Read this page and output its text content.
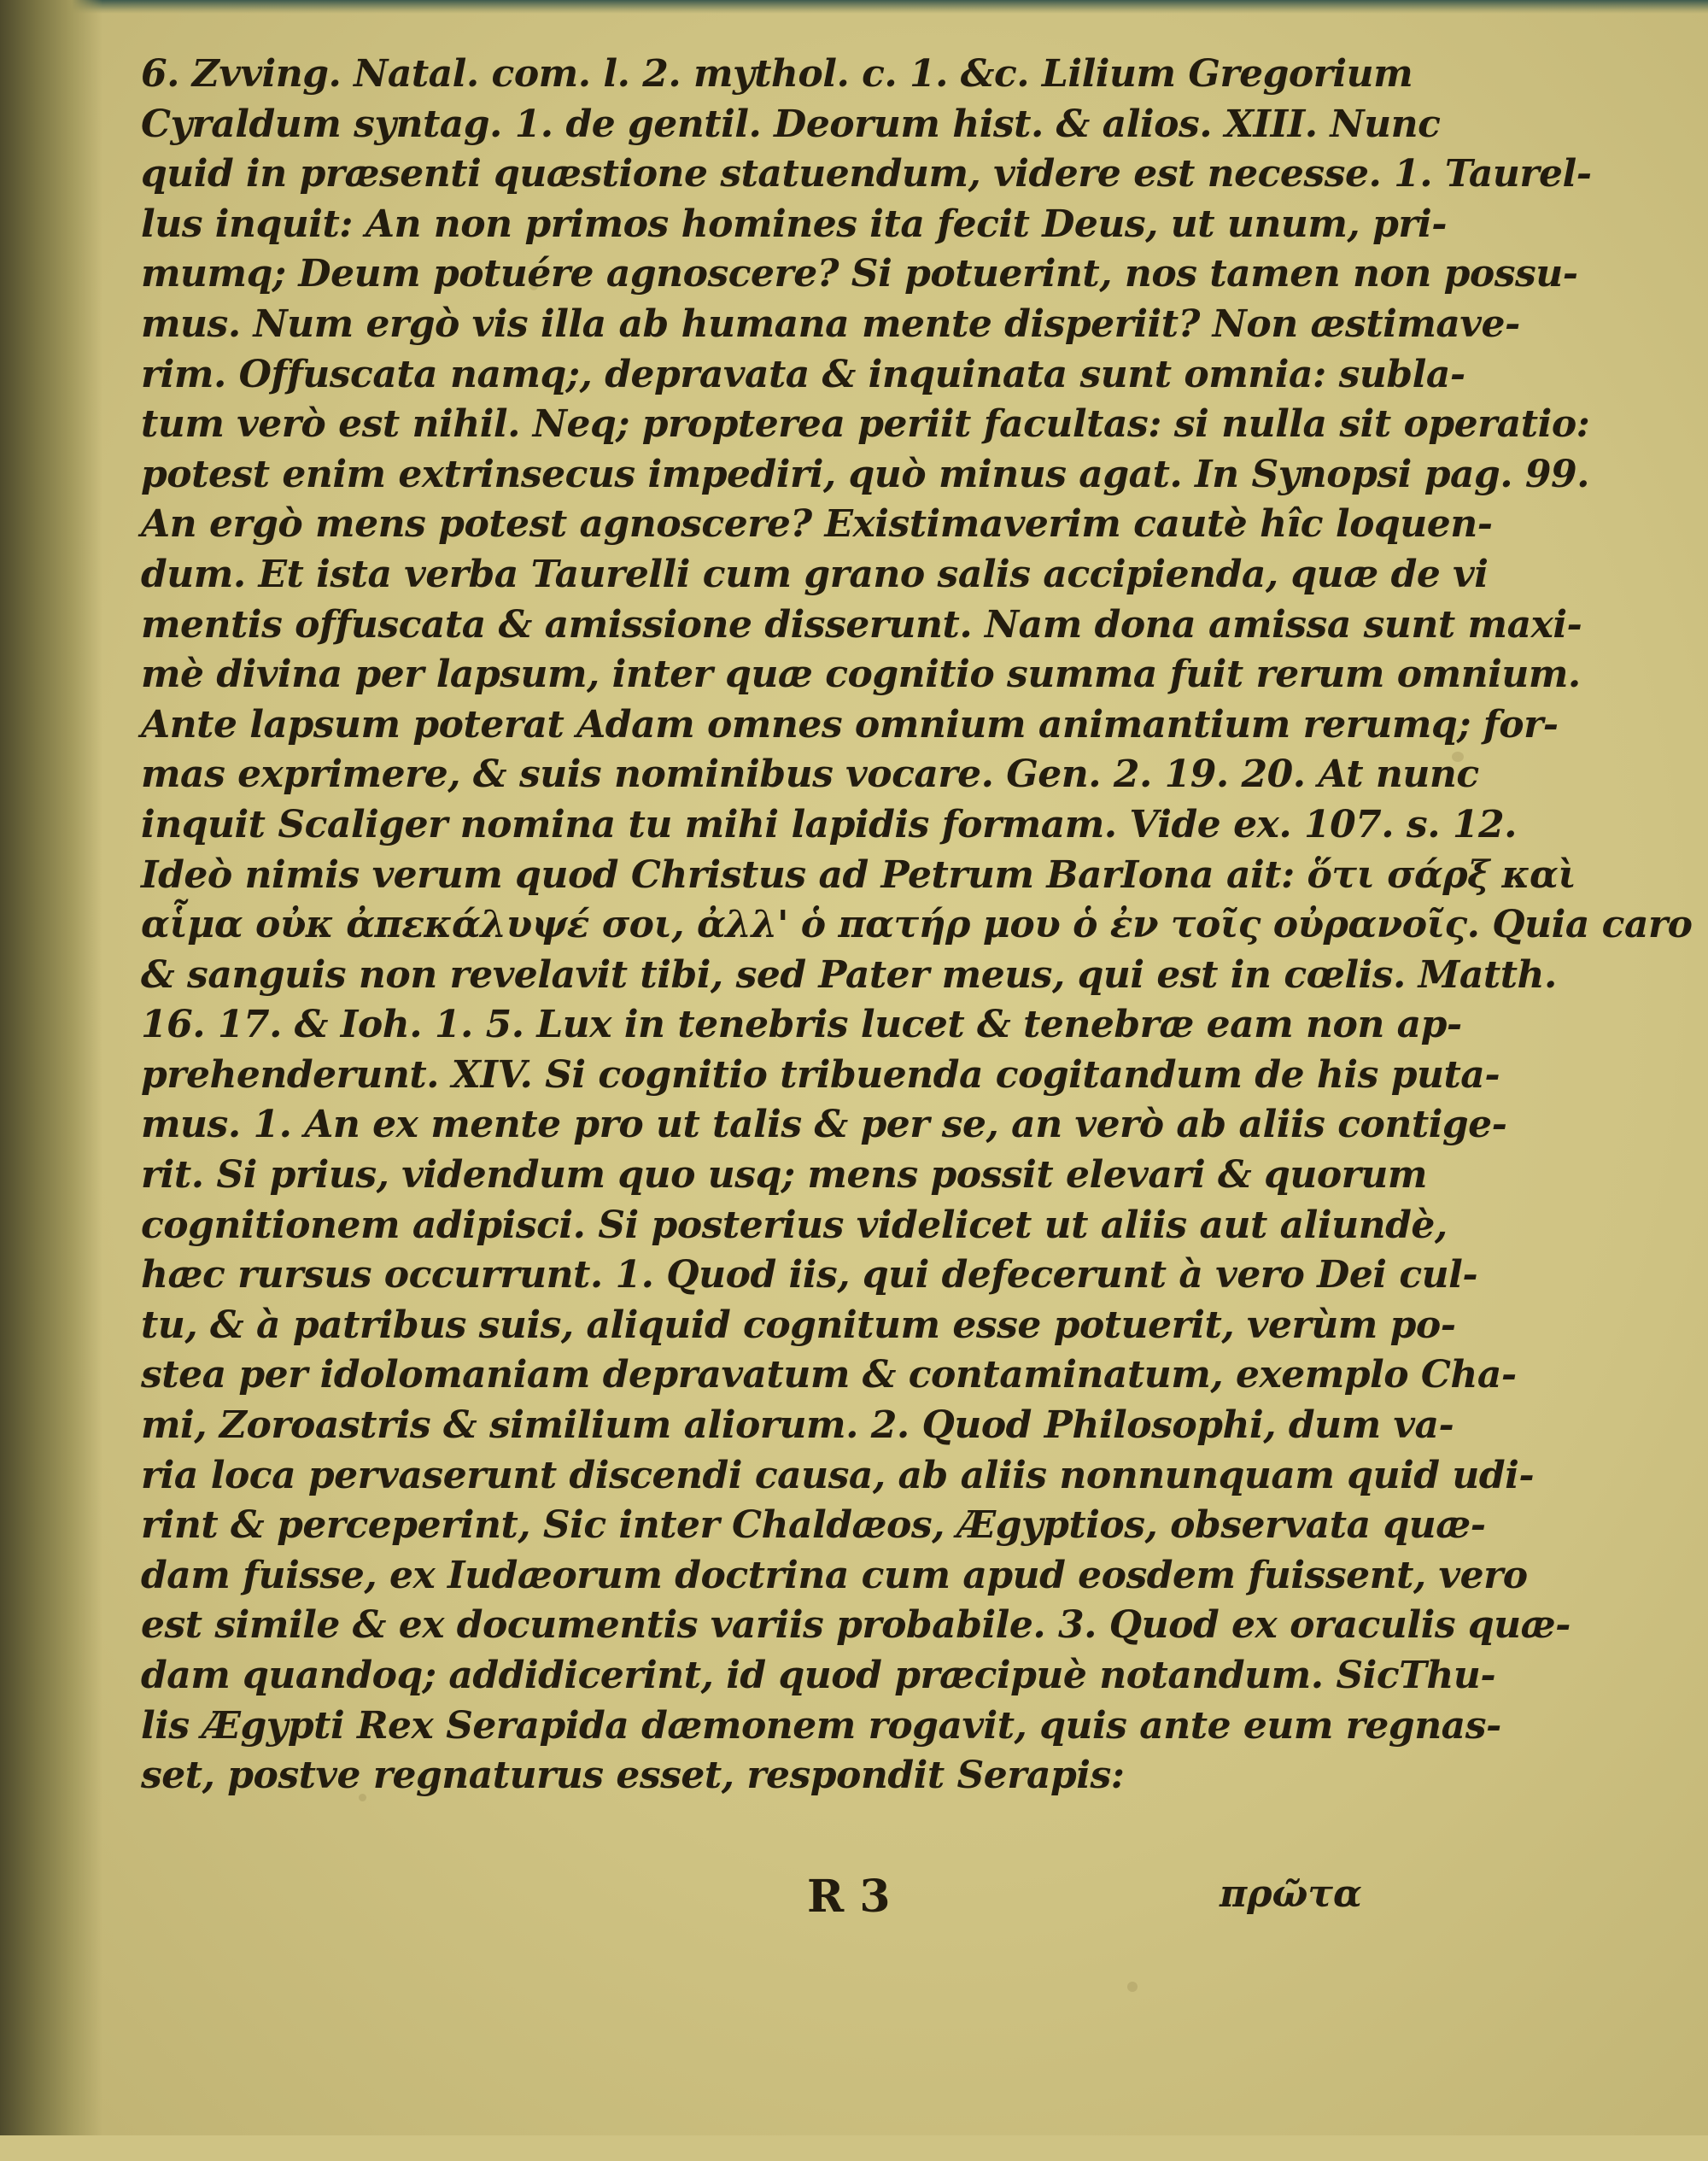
6. Zvving. Natal. com. l. 2. mythol. c. 1. &c. Lilium Gregorium
Cyraldum syntag. 1. de gentil. Deorum hist. & alios. XIII. Nunc
quid in præsenti quæstione statuendum, videre est necesse. 1. Taurel-
lus inquit: An non primos homines ita fecit Deus, ut unum, pri-
mumq; Deum potuére agnoscere? Si potuerint, nos tamen non possu-
mus. Num ergò vis illa ab humana mente disperiit? Non æstimave-
rim. Offuscata namq;, depravata & inquinata sunt omnia: subla-
tum verò est nihil. Neq; propterea periit facultas: si nulla sit operatio:
potest enim extrinsecus impediri, quò minus agat. In Synopsi pag. 99.
An ergò mens potest agnoscere? Existimaverim cautè hîc loquen-
dum. Et ista verba Taurelli cum grano salis accipienda, quæ de vi
mentis offuscata & amissione disserunt. Nam dona amissa sunt maxi-
mè divina per lapsum, inter quæ cognitio summa fuit rerum omnium.
Ante lapsum poterat Adam omnes omnium animantium rerumq; for-
mas exprimere, & suis nominibus vocare. Gen. 2. 19. 20. At nunc
inquit Scaliger nomina tu mihi lapidis formam. Vide ex. 107. s. 12.
Ideò nimis verum quod Christus ad Petrum BarIona ait: ὅτι σάρξ καὶ
αἷμα οὐκ ἀπεκάλυψέ σοι, ἀλλ' ὁ πατήρ μου ὁ ἐν τοῖς οὐρανοῖς. Quia caro
& sanguis non revelavit tibi, sed Pater meus, qui est in cœlis. Matth.
16. 17. & Ioh. 1. 5. Lux in tenebris lucet & tenebræ eam non ap-
prehenderunt. XIV. Si cognitio tribuenda cogitandum de his puta-
mus. 1. An ex mente pro ut talis & per se, an verò ab aliis contige-
rit. Si prius, videndum quo usq; mens possit elevari & quorum
cognitionem adipisci. Si posterius videlicet ut aliis aut aliundè,
hæc rursus occurrunt. 1. Quod iis, qui defecerunt à vero Dei cul-
tu, & à patribus suis, aliquid cognitum esse potuerit, verùm po-
stea per idolomaniam depravatum & contaminatum, exemplo Cha-
mi, Zoroastris & similium aliorum. 2. Quod Philosophi, dum va-
ria loca pervaserunt discendi causa, ab aliis nonnunquam quid udi-
rint & perceperint, Sic inter Chaldæos, Ægyptios, observata quæ-
dam fuisse, ex Iudæorum doctrina cum apud eosdem fuissent, vero
est simile & ex documentis variis probabile. 3. Quod ex oraculis quæ-
dam quandoq; addidicerint, id quod præcipuè notandum. SicThu-
lis Ægypti Rex Serapida dæmonem rogavit, quis ante eum regnas-
set, postve regnaturus esset, respondit Serapis:
R 3	πρῶτα
